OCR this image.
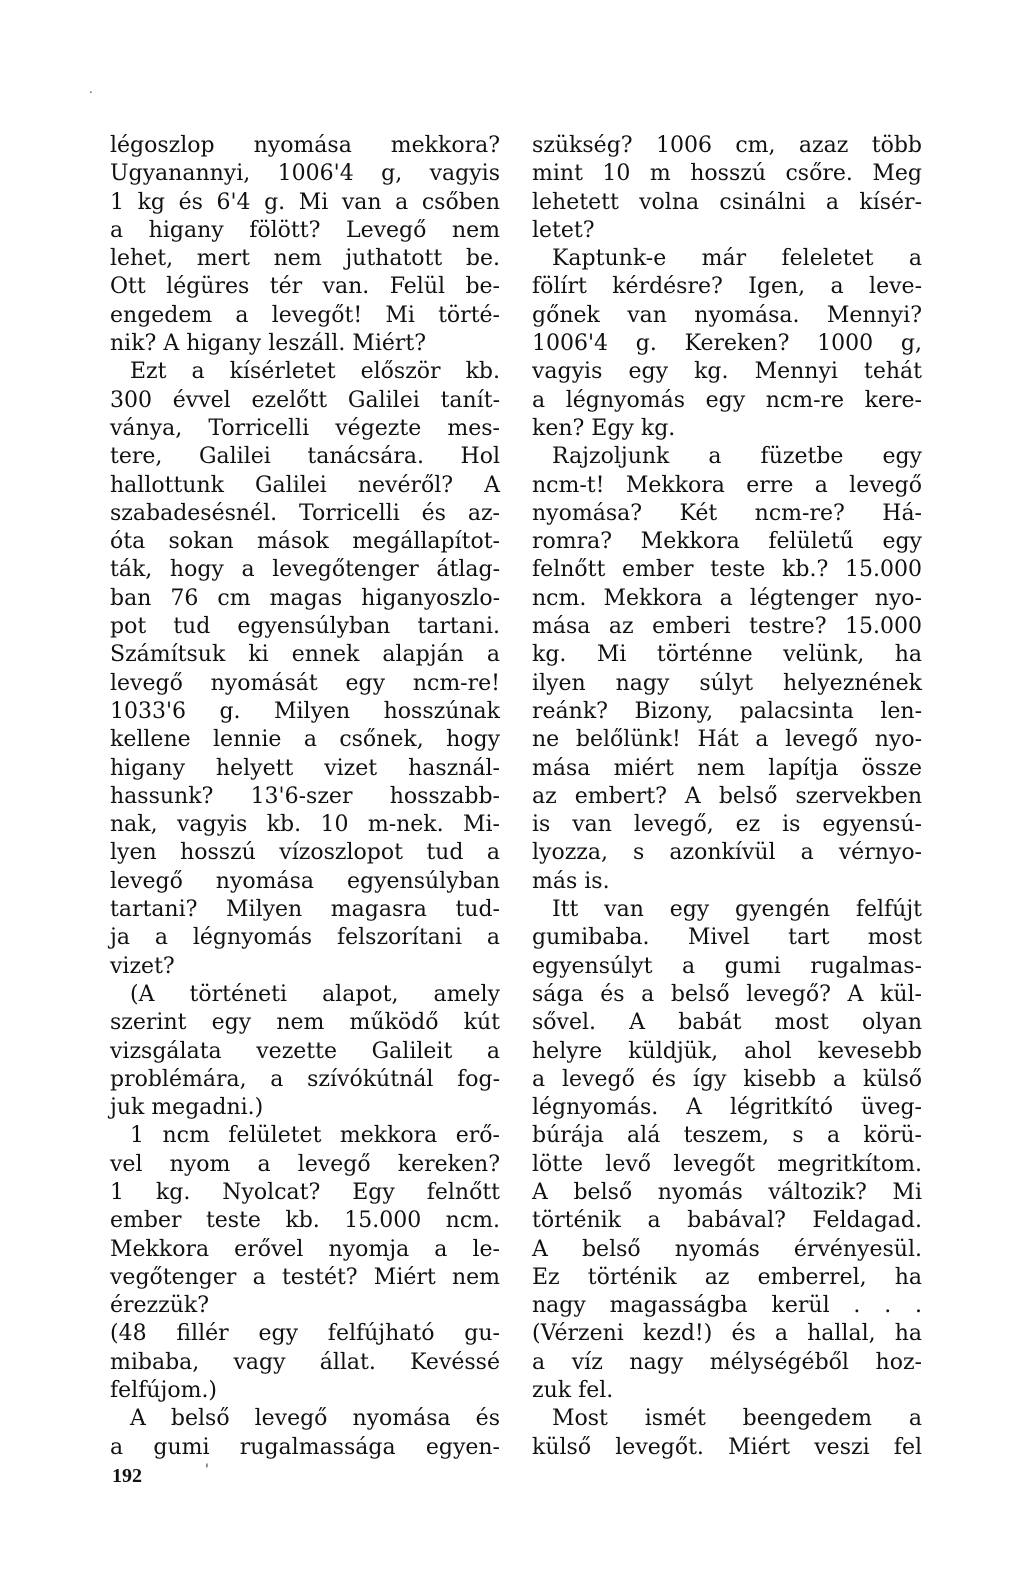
.
légoszlop nyomása mekkora?
Ugyanannyi, 1006'4 g, vagyis
1 kg és 6'4 g. Mi van a csőben
a higany fölött? Levegő nem
lehet, mert nem juthatott be.
Ott légüres tér van. Felül be-
engedem a levegőt! Mi törté-
nik? A higany leszáll. Miért?
Ezt a kísérletet először kb.
300 évvel ezelőtt Galilei tanít-
ványa, Torricelli végezte mes-
tere, Galilei tanácsára. Hol
hallottunk Galilei nevéről? A
szabadesésnél. Torricelli és az-
óta sokan mások megállapítot-
ták, hogy a levegőtenger átlag-
ban 76 cm magas higanyoszlo-
pot tud egyensúlyban tartani.
Számítsuk ki ennek alapján a
levegő nyomását egy ncm-re!
1033'6 g. Milyen hosszúnak
kellene lennie a csőnek, hogy
higany helyett vizet használ-
hassunk? 13'6-szer hosszabb-
nak, vagyis kb. 10 m-nek. Mi-
lyen hosszú vízoszlopot tud a
levegő nyomása egyensúlyban
tartani? Milyen magasra tud-
ja a légnyomás felszorítani a
vizet?
(A történeti alapot, amely
szerint egy nem működő kút
vizsgálata vezette Galileit a
problémára, a szívókútnál fog-
juk megadni.)
1 ncm felületet mekkora erő-
vel nyom a levegő kereken?
1 kg. Nyolcat? Egy felnőtt
ember teste kb. 15.000 ncm.
Mekkora erővel nyomja a le-
vegőtenger a testét? Miért nem
érezzük?
(48 fillér egy felfújható gu-
mibaba, vagy állat. Kevéssé
felfújom.)
A belső levegő nyomása és
a gumi rugalmassága egyen-
szükség? 1006 cm, azaz több
mint 10 m hosszú csőre. Meg
lehetett volna csinálni a kísér-
letet?
Kaptunk-e már feleletet a
fölírt kérdésre? Igen, a leve-
gőnek van nyomása. Mennyi?
1006'4 g. Kereken? 1000 g,
vagyis egy kg. Mennyi tehát
a légnyomás egy ncm-re kere-
ken? Egy kg.
Rajzoljunk a füzetbe egy
ncm-t! Mekkora erre a levegő
nyomása? Két ncm-re? Há-
romra? Mekkora felületű egy
felnőtt ember teste kb.? 15.000
ncm. Mekkora a légtenger nyo-
mása az emberi testre? 15.000
kg. Mi történne velünk, ha
ilyen nagy súlyt helyeznének
reánk? Bizony, palacsinta len-
ne belőlünk! Hát a levegő nyo-
mása miért nem lapítja össze
az embert? A belső szervekben
is van levegő, ez is egyensú-
lyozza, s azonkívül a vérnyo-
más is.
Itt van egy gyengén felfújt
gumibaba. Mivel tart most
egyensúlyt a gumi rugalmas-
sága és a belső levegő? A kül-
sővel. A babát most olyan
helyre küldjük, ahol kevesebb
a levegő és így kisebb a külső
légnyomás. A légritkító üveg-
búrája alá teszem, s a körü-
lötte levő levegőt megritkítom.
A belső nyomás változik? Mi
történik a babával? Feldagad.
A belső nyomás érvényesül.
Ez történik az emberrel, ha
nagy magasságba kerül . . .
(Vérzeni kezd!) és a hallal, ha
a víz nagy mélységéből hoz-
zuk fel.
Most ismét beengedem a
külső levegőt. Miért veszi fel
192	'
